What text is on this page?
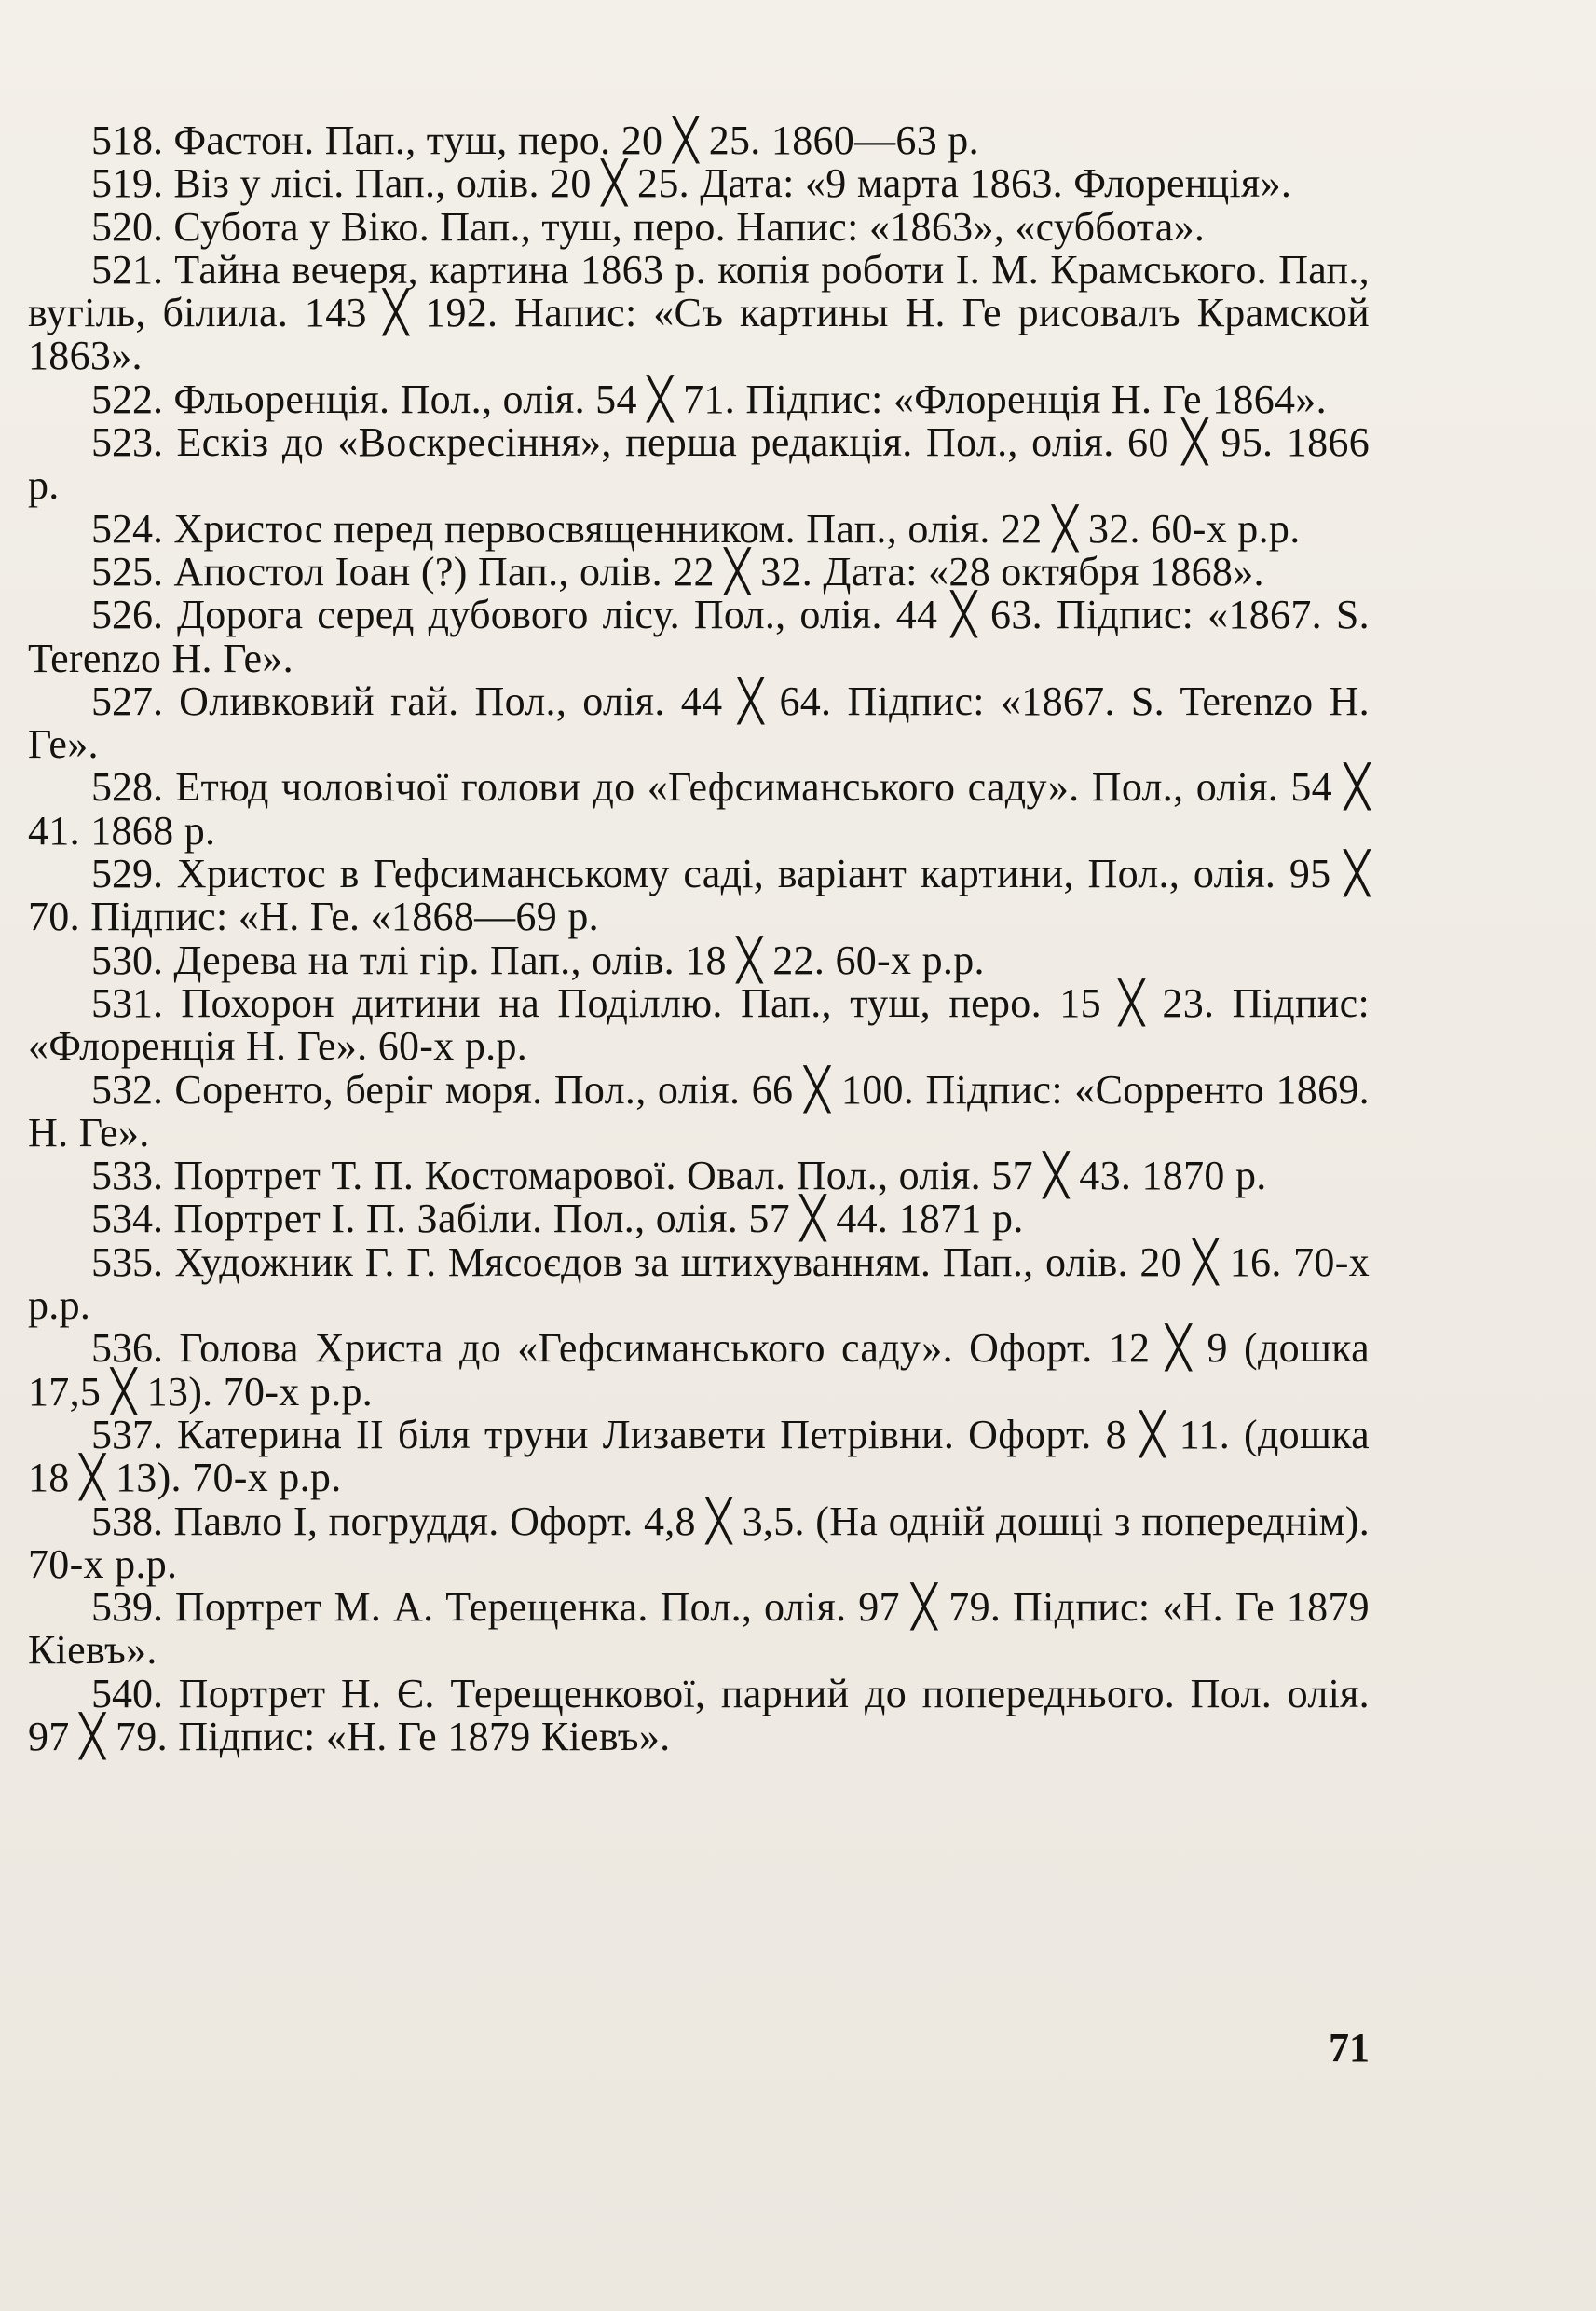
518. Фастон. Пап., туш, перо. 20 ╳ 25. 1860—63 р.

519. Віз у лісі. Пап., олів. 20 ╳ 25. Дата: «9 марта 1863. Флоренція».

520. Субота у Віко. Пап., туш, перо. Напис: «1863», «суббота».

521. Тайна вечеря, картина 1863 р. копія роботи І. М. Крамського. Пап., вугіль, білила. 143 ╳ 192. Напис: «Съ картины Н. Ге рисовалъ Крамской 1863».

522. Фльоренція. Пол., олія. 54 ╳ 71. Підпис: «Флоренція Н. Ге 1864».

523. Ескіз до «Воскресіння», перша редакція. Пол., олія. 60 ╳ 95. 1866 р.

524. Христос перед первосвященником. Пап., олія. 22 ╳ 32. 60-х р.р.

525. Апостол Іоан (?) Пап., олів. 22 ╳ 32. Дата: «28 октября 1868».

526. Дорога серед дубового лісу. Пол., олія. 44 ╳ 63. Підпис: «1867. S. Terenzo Н. Ге».

527. Оливковий гай. Пол., олія. 44 ╳ 64. Підпис: «1867. S. Terenzo Н. Ге».

528. Етюд чоловічої голови до «Гефсиманського саду». Пол., олія. 54 ╳ 41. 1868 р.

529. Христос в Гефсиманському саді, варіант картини, Пол., олія. 95 ╳ 70. Підпис: «Н. Ге. «1868—69 р.

530. Дерева на тлі гір. Пап., олів. 18 ╳ 22. 60-х р.р.

531. Похорон дитини на Поділлю. Пап., туш, перо. 15 ╳ 23. Підпис: «Флоренція Н. Ге». 60-х р.р.

532. Сорeнто, беріг моря. Пол., олія. 66 ╳ 100. Підпис: «Сорренто 1869. Н. Ге».

533. Портрет Т. П. Костомарової. Овал. Пол., олія. 57 ╳ 43. 1870 р.

534. Портрет І. П. Забіли. Пол., олія. 57 ╳ 44. 1871 р.

535. Художник Г. Г. Мясоєдов за штихуванням. Пап., олів. 20 ╳ 16. 70-х р.р.

536. Голова Христа до «Гефсиманського саду». Офорт. 12 ╳ 9 (дошка 17,5 ╳ 13). 70-х р.р.

537. Катерина II біля труни Лизавети Петрівни. Офорт. 8 ╳ 11. (дошка 18 ╳ 13). 70-х р.р.

538. Павло I, погруддя. Офорт. 4,8 ╳ 3,5. (На одній дошці з попереднім). 70-х р.р.

539. Портрет М. А. Терещенка. Пол., олія. 97 ╳ 79. Підпис: «Н. Ге 1879 Кіевъ».

540. Портрет Н. Є. Терещенкової, парний до попереднього. Пол. олія. 97 ╳ 79. Підпис: «Н. Ге 1879 Кіевъ».

71
